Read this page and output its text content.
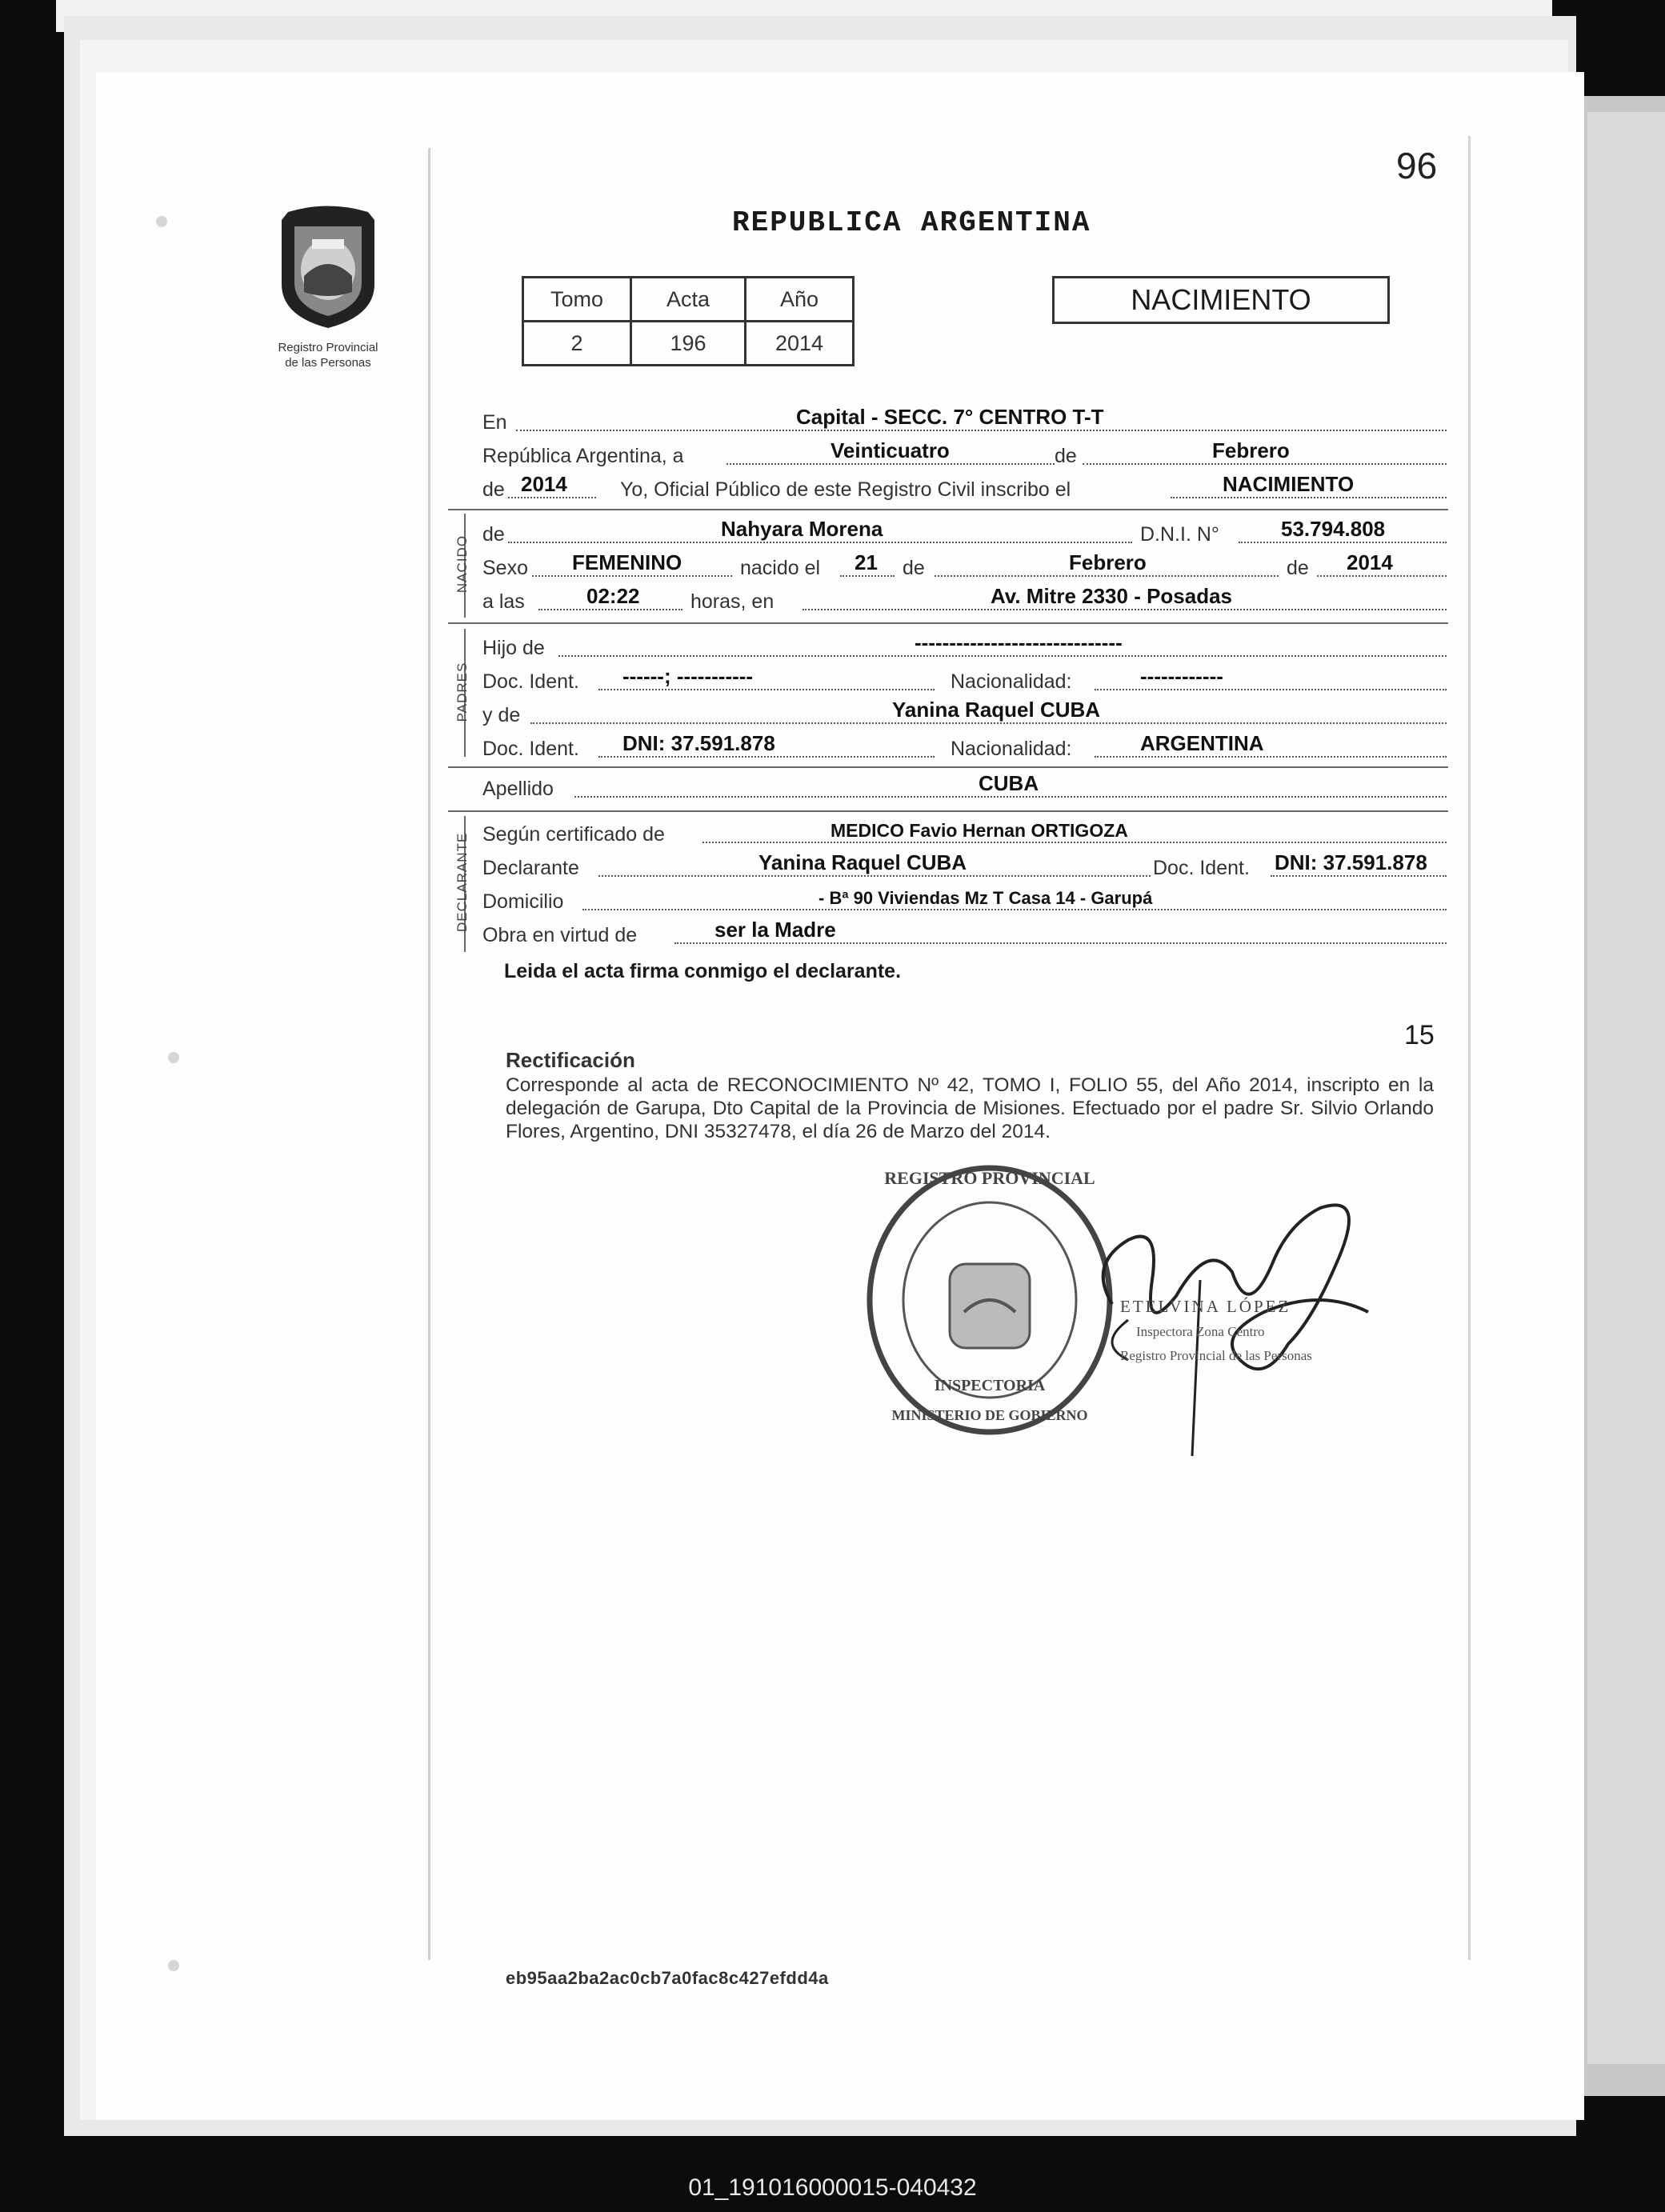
96
REPUBLICA ARGENTINA
Registro Provincial
de las Personas
Tomo	Acta	Año
2	196	2014
NACIMIENTO
En	Capital - SECC. 7° CENTRO T-T
República Argentina, a	Veinticuatro	de	Febrero
de 2014	Yo, Oficial Público de este Registro Civil inscribo el	NACIMIENTO
NACIDO
de	Nahyara Morena	D.N.I. N°	53.794.808
Sexo FEMENINO	nacido el 21 de	Febrero	de 2014
a las	02:22	horas, en	Av. Mitre 2330 - Posadas
PADRES
Hijo de	------------------------------
Doc. Ident. ------; -----------	Nacionalidad:	------------
y de	Yanina Raquel CUBA
Doc. Ident. DNI: 37.591.878	Nacionalidad:	ARGENTINA
Apellido	CUBA
DECLARANTE Según certificado de	MEDICO Favio Hernan ORTIGOZA
Declarante	Yanina Raquel CUBA	Doc. Ident. DNI: 37.591.878
Domicilio	- Bª 90 Viviendas Mz T Casa 14 - Garupá
Obra en virtud de	ser la Madre
Leida el acta firma conmigo el declarante.
15
Rectificación
Corresponde al acta de RECONOCIMIENTO Nº 42, TOMO I, FOLIO 55, del Año 2014, inscripto en la delegación de Garupa, Dto Capital de la Provincia de Misiones. Efectuado por el padre Sr. Silvio Orlando Flores, Argentino, DNI 35327478, el día 26 de Marzo del 2014.
REGISTRO PROVINCIAL
INSPECTORIA
MINISTERIO DE GOBIERNO
ETELVINA LÓPEZ
Inspectora Zona Centro
Registro Provincial de las Personas
eb95aa2ba2ac0cb7a0fac8c427efdd4a
01_191016000015-040432
